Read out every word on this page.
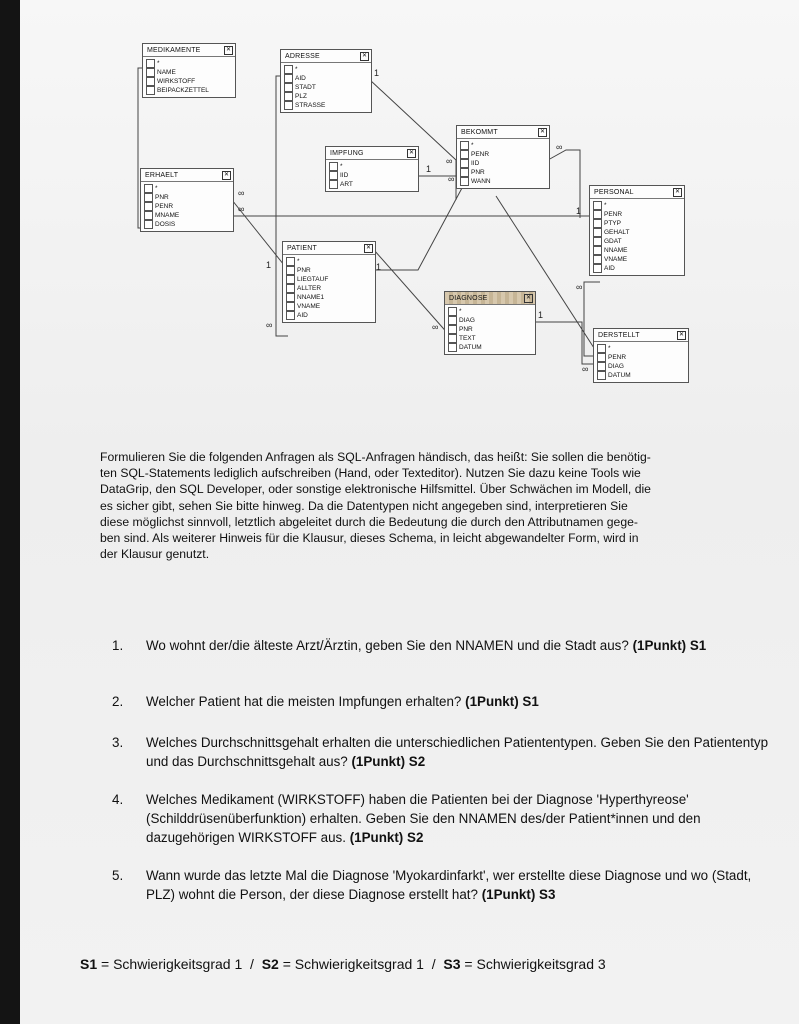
∞
∞
1
∞
1
∞
∞
1
1
1
∞	∞
1
∞
∞
MEDIKAMENTE	✕
*
NAME
WIRKSTOFF
BEIPACKZETTEL
ADRESSE	✕
*
AID
STADT
PLZ
STRASSE
BEKOMMT	✕
*
PENR
IID
PNR
WANN
IMPFUNG	✕
*
IID
ART
ERHAELT	✕
*
PNR
PENR
MNAME
DOSIS
PERSONAL	✕
*
PENR
PTYP
GEHALT
GDAT
NNAME
VNAME
AID
PATIENT	✕
*
PNR
LIEGTAUF
ALLTER
NNAME1
VNAME
AID
DIAGNOSE	✕
*
DIAG
PNR
TEXT
DATUM
DERSTELLT	✕
*
PENR
DIAG
DATUM

Formulieren Sie die folgenden Anfragen als SQL-Anfragen händisch, das heißt: Sie sollen die benötig-

ten SQL-Statements lediglich aufschreiben (Hand, oder Texteditor). Nutzen Sie dazu keine Tools wie

DataGrip, den SQL Developer, oder sonstige elektronische Hilfsmittel. Über Schwächen im Modell, die

es sicher gibt, sehen Sie bitte hinweg. Da die Datentypen nicht angegeben sind, interpretieren Sie

diese möglichst sinnvoll, letztlich abgeleitet durch die Bedeutung die durch den Attributnamen gege-

ben sind. Als weiterer Hinweis für die Klausur, dieses Schema, in leicht abgewandelter Form, wird in

der Klausur genutzt.

1.	Wo wohnt der/die älteste Arzt/Ärztin, geben Sie den NNAMEN und die Stadt aus? (1Punkt) S1
2.	Welcher Patient hat die meisten Impfungen erhalten? (1Punkt) S1
3.	Welches Durchschnittsgehalt erhalten die unterschiedlichen Patiententypen. Geben Sie den Patiententyp und das Durchschnittsgehalt aus? (1Punkt) S2
4.	Welches Medikament (WIRKSTOFF) haben die Patienten bei der Diagnose 'Hyperthyreose' (Schilddrüsenüberfunktion) erhalten. Geben Sie den NNAMEN des/der Patient*innen und den dazugehörigen WIRKSTOFF aus. (1Punkt) S2
5.	Wann wurde das letzte Mal die Diagnose 'Myokardinfarkt', wer erstellte diese Diagnose und wo (Stadt, PLZ) wohnt die Person, der diese Diagnose erstellt hat? (1Punkt) S3
S1 = Schwierigkeitsgrad 1  /  S2 = Schwierigkeitsgrad 1  /  S3 = Schwierigkeitsgrad 3
